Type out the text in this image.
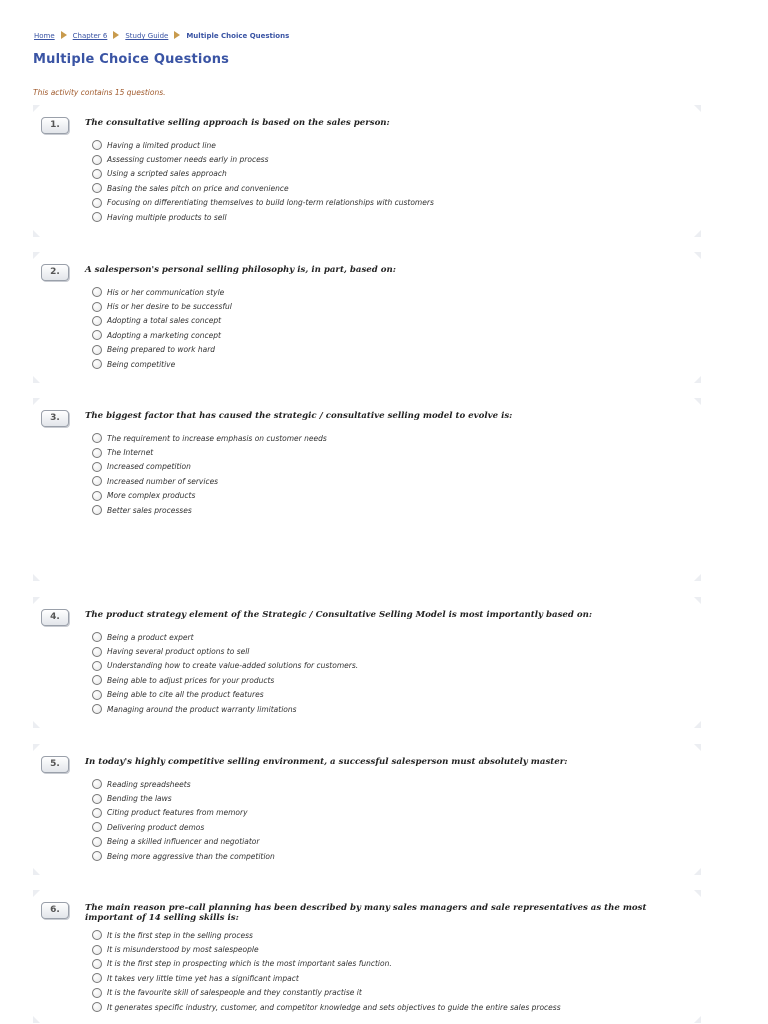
Home	Chapter 6	Study Guide	Multiple Choice Questions
Multiple Choice Questions
This activity contains 15 questions.
1.	The consultative selling approach is based on the sales person:

Having a limited product line
Assessing customer needs early in process
Using a scripted sales approach
Basing the sales pitch on price and convenience
Focusing on differentiating themselves to build long-term relationships with customers
Having multiple products to sell
2.	A salesperson's personal selling philosophy is, in part, based on:

His or her communication style
His or her desire to be successful
Adopting a total sales concept
Adopting a marketing concept
Being prepared to work hard
Being competitive
3.	The biggest factor that has caused the strategic / consultative selling model to evolve is:

The requirement to increase emphasis on customer needs
The Internet
Increased competition
Increased number of services
More complex products
Better sales processes
4.	The product strategy element of the Strategic / Consultative Selling Model is most importantly based on:

Being a product expert
Having several product options to sell
Understanding how to create value-added solutions for customers.
Being able to adjust prices for your products
Being able to cite all the product features
Managing around the product warranty limitations
5.	In today's highly competitive selling environment, a successful salesperson must absolutely master:

Reading spreadsheets
Bending the laws
Citing product features from memory
Delivering product demos
Being a skilled influencer and negotiator
Being more aggressive than the competition
6.	The main reason pre-call planning has been described by many sales managers and sale representatives as the most important of 14 selling skills is:

It is the first step in the selling process
It is misunderstood by most salespeople
It is the first step in prospecting which is the most important sales function.
It takes very little time yet has a significant impact
It is the favourite skill of salespeople and they constantly practise it
It generates specific industry, customer, and competitor knowledge and sets objectives to guide the entire sales process
